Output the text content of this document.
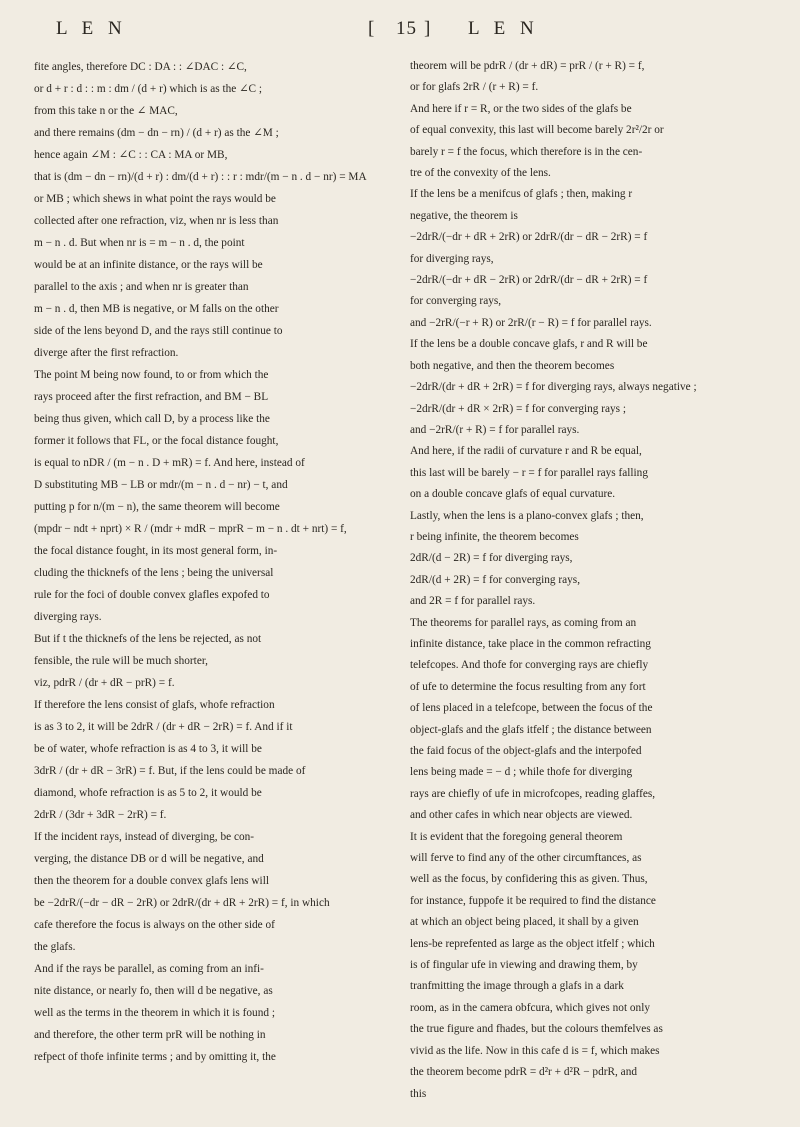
L E N	[ 15 ] L E N
fite angles, therefore DC : DA : : ∠DAC : ∠C,
or d + r : d : : m : dm / (d + r) which is as the ∠C ;
from this take n or the ∠ MAC,
and there remains (dm − dn − rn) / (d + r) as the ∠M ;
hence again ∠M : ∠C : : CA : MA or MB,
that is (dm − dn − rn)/(d + r) : dm/(d + r) : : r : mdr/(m − n . d − nr) = MA
or MB ; which shews in what point the rays would be
collected after one refraction, viz, when nr is less than
m − n . d. But when nr is = m − n . d, the point
would be at an infinite distance, or the rays will be
parallel to the axis ; and when nr is greater than
m − n . d, then MB is negative, or M falls on the other
side of the lens beyond D, and the rays still continue to
diverge after the first refraction.
The point M being now found, to or from which the
rays proceed after the first refraction, and BM − BL
being thus given, which call D, by a process like the
former it follows that FL, or the focal distance fought,
is equal to nDR / (m − n . D + mR) = f. And here, instead of
D substituting MB − LB or mdr/(m − n . d − nr) − t, and
putting p for n/(m − n), the same theorem will become
(mpdr − ndt + nprt) × R / (mdr + mdR − mprR − m − n . dt + nrt) = f,
the focal distance fought, in its most general form, in-
cluding the thicknefs of the lens ; being the universal
rule for the foci of double convex glafles expofed to
diverging rays.
But if t the thicknefs of the lens be rejected, as not
fensible, the rule will be much shorter,
viz, pdrR / (dr + dR − prR) = f.
If therefore the lens consist of glafs, whofe refraction
is as 3 to 2, it will be 2drR / (dr + dR − 2rR) = f. And if it
be of water, whofe refraction is as 4 to 3, it will be
3drR / (dr + dR − 3rR) = f. But, if the lens could be made of
diamond, whofe refraction is as 5 to 2, it would be
2drR / (3dr + 3dR − 2rR) = f.
If the incident rays, instead of diverging, be con-
verging, the distance DB or d will be negative, and
then the theorem for a double convex glafs lens will
be −2drR/(−dr − dR − 2rR) or 2drR/(dr + dR + 2rR) = f, in which
cafe therefore the focus is always on the other side of
the glafs.
And if the rays be parallel, as coming from an infi-
nite distance, or nearly fo, then will d be negative, as
well as the terms in the theorem in which it is found ;
and therefore, the other term prR will be nothing in
refpect of thofe infinite terms ; and by omitting it, the
theorem will be pdrR / (dr + dR) = prR / (r + R) = f,
or for glafs 2rR / (r + R) = f.
And here if r = R, or the two sides of the glafs be
of equal convexity, this last will become barely 2r²/2r or
barely r = f the focus, which therefore is in the cen-
tre of the convexity of the lens.
If the lens be a menifcus of glafs ; then, making r
negative, the theorem is
−2drR/(−dr + dR + 2rR) or 2drR/(dr − dR − 2rR) = f
for diverging rays,
−2drR/(−dr + dR − 2rR) or 2drR/(dr − dR + 2rR) = f
for converging rays,
and −2rR/(−r + R) or 2rR/(r − R) = f for parallel rays.
If the lens be a double concave glafs, r and R will be
both negative, and then the theorem becomes
−2drR/(dr + dR + 2rR) = f for diverging rays, always negative ;
−2drR/(dr + dR × 2rR) = f for converging rays ;
and −2rR/(r + R) = f for parallel rays.
And here, if the radii of curvature r and R be equal,
this last will be barely − r = f for parallel rays falling
on a double concave glafs of equal curvature.
Lastly, when the lens is a plano-convex glafs ; then,
r being infinite, the theorem becomes
2dR/(d − 2R) = f for diverging rays,
2dR/(d + 2R) = f for converging rays,
and 2R = f for parallel rays.
The theorems for parallel rays, as coming from an
infinite distance, take place in the common refracting
telefcopes. And thofe for converging rays are chiefly
of ufe to determine the focus resulting from any fort
of lens placed in a telefcope, between the focus of the
object-glafs and the glafs itfelf ; the distance between
the faid focus of the object-glafs and the interpofed
lens being made = − d ; while thofe for diverging
rays are chiefly of ufe in microfcopes, reading glaffes,
and other cafes in which near objects are viewed.
It is evident that the foregoing general theorem
will ferve to find any of the other circumftances, as
well as the focus, by confidering this as given. Thus,
for instance, fuppofe it be required to find the distance
at which an object being placed, it shall by a given
lens-be reprefented as large as the object itfelf ; which
is of fingular ufe in viewing and drawing them, by
tranfmitting the image through a glafs in a dark
room, as in the camera obfcura, which gives not only
the true figure and fhades, but the colours themfelves as
vivid as the life. Now in this cafe d is = f, which makes
the theorem become pdrR = d²r + d²R − pdrR, and
this
